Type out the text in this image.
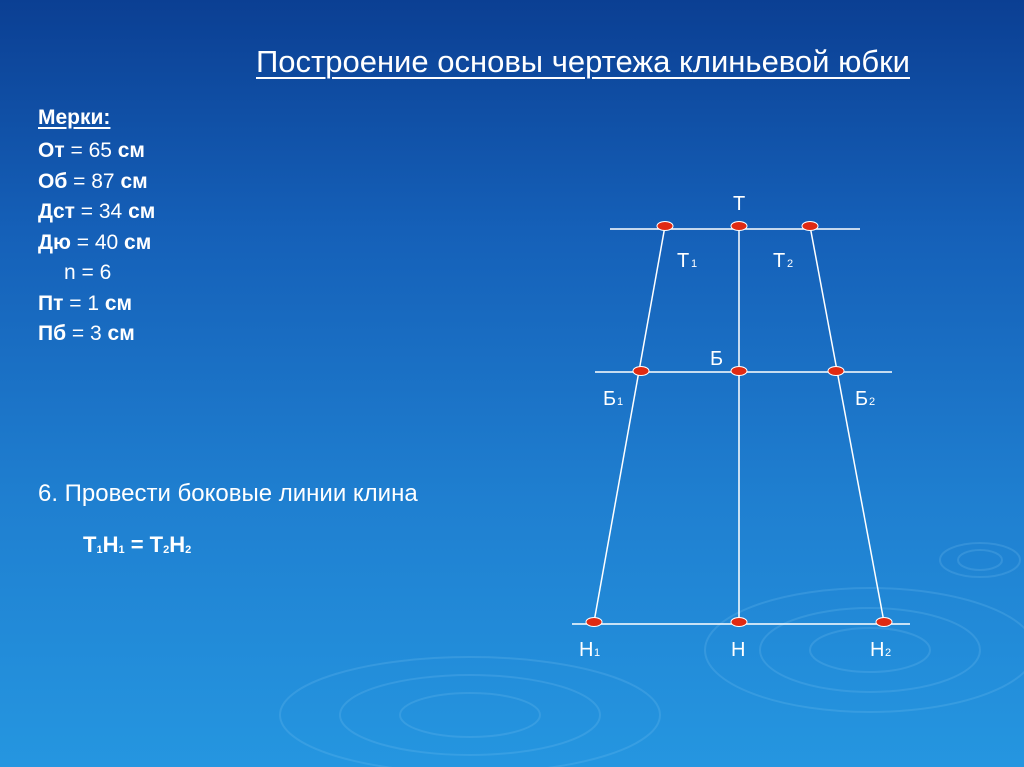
Построение основы чертежа клиньевой юбки
Мерки:
От = 65 см
Об = 87 см
Дст = 34 см
Дю = 40 см
n = 6
Пт = 1 см
Пб = 3 см
6. Провести боковые линии клина
$Т_1Н_1 = Т_2Н_2$
Т
Т 1	Т 2
Б
Б 1	Б 2
Н 1	Н	Н 2
